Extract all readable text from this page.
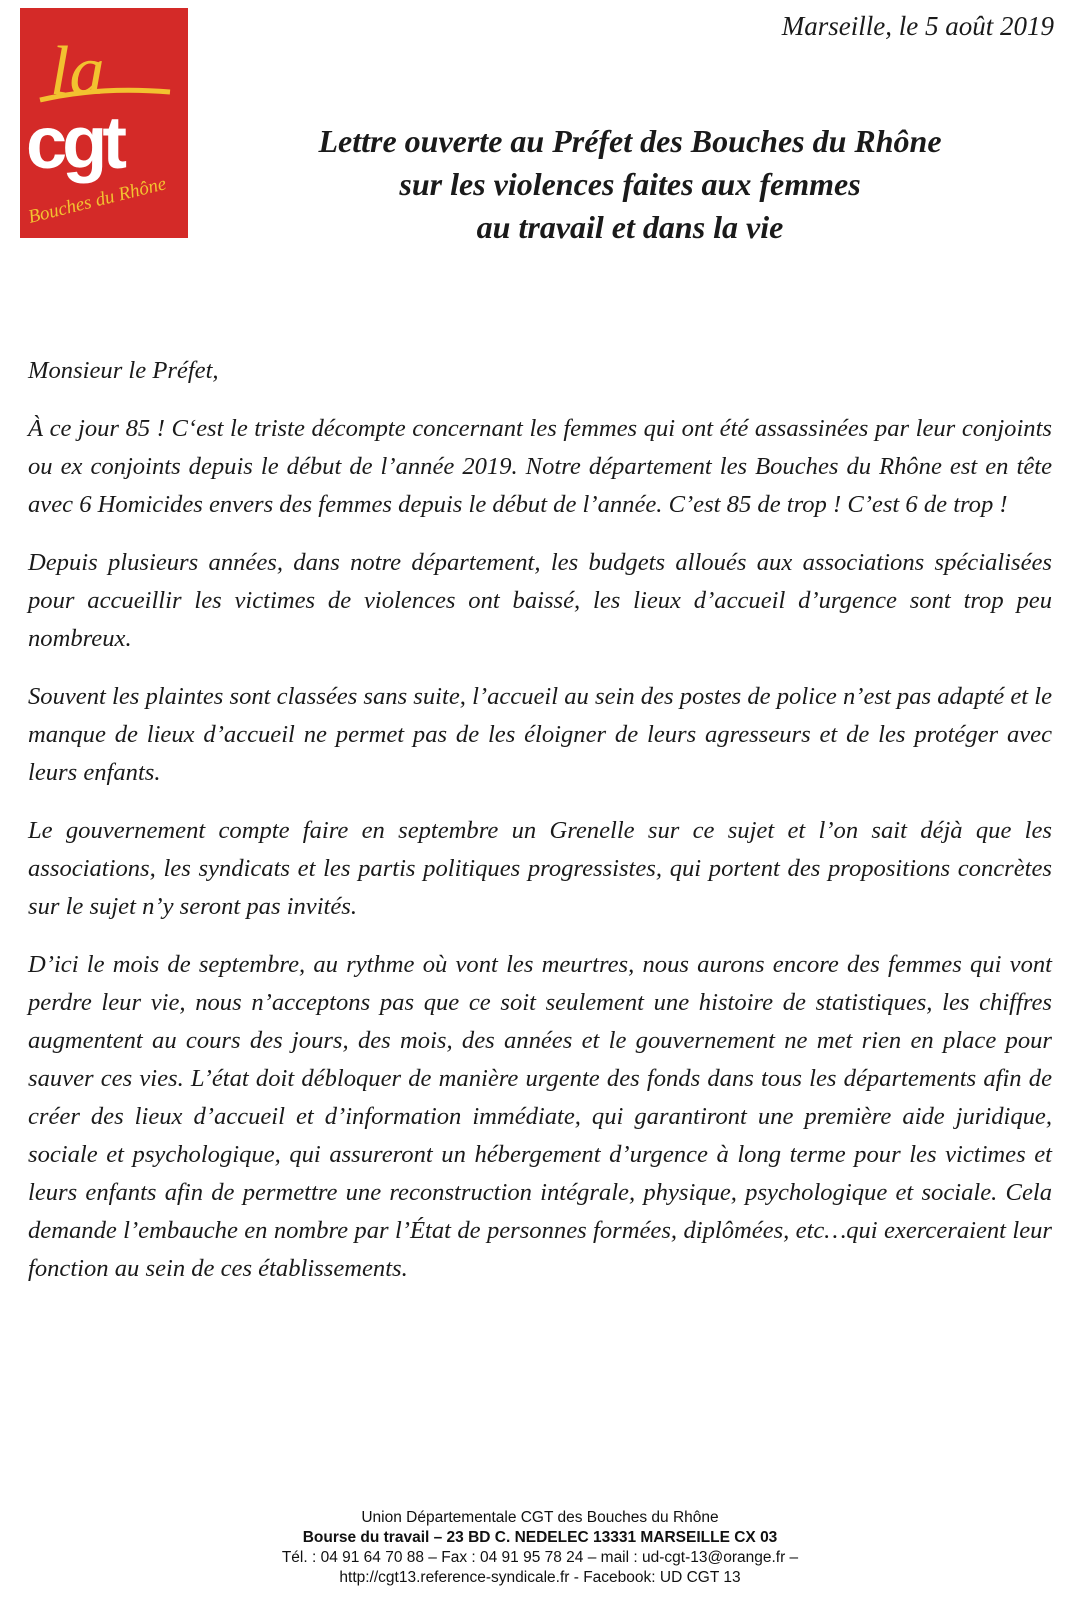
la
cgt
Bouches du Rhône
Marseille, le 5 août 2019
Lettre ouverte au Préfet des Bouches du Rhône
sur les violences faites aux femmes
au travail et dans la vie

Monsieur le Préfet,

À ce jour 85 ! C‘est le triste décompte concernant les femmes qui ont été assassinées par leur conjoints ou ex conjoints depuis le début de l’année 2019. Notre département les Bouches du Rhône est en tête avec 6 Homicides envers des femmes depuis le début de l’année. C’est 85 de trop ! C’est 6 de trop !

Depuis plusieurs années, dans notre département, les budgets alloués aux associations spécialisées pour accueillir les victimes de violences ont baissé, les lieux d’accueil d’urgence sont trop peu nombreux.

Souvent les plaintes sont classées sans suite, l’accueil au sein des postes de police n’est pas adapté et le manque de lieux d’accueil ne permet pas de les éloigner de leurs agresseurs et de les protéger avec leurs enfants.

Le gouvernement compte faire en septembre un Grenelle sur ce sujet et l’on sait déjà que les associations, les syndicats et les partis politiques progressistes, qui portent des propositions concrètes sur le sujet n’y seront pas invités.

D’ici le mois de septembre, au rythme où vont les meurtres, nous aurons encore des femmes qui vont perdre leur vie, nous n’acceptons pas que ce soit seulement une histoire de statistiques, les chiffres augmentent au cours des jours, des mois, des années et le gouvernement ne met rien en place pour sauver ces vies. L’état doit débloquer de manière urgente des fonds dans tous les départements afin de créer des lieux d’accueil et d’information immédiate, qui garantiront une première aide juridique, sociale et psychologique, qui assureront un hébergement d’urgence à long terme pour les victimes et leurs enfants afin de permettre une reconstruction intégrale, physique, psychologique et sociale. Cela demande l’embauche en nombre par l’État de personnes formées, diplômées, etc…qui exerceraient leur fonction au sein de ces établissements.

Union Départementale CGT des Bouches du Rhône
Bourse du travail – 23 BD C. NEDELEC 13331 MARSEILLE CX 03
Tél. : 04 91 64 70 88 – Fax : 04 91 95 78 24 – mail : ud-cgt-13@orange.fr –
http://cgt13.reference-syndicale.fr - Facebook: UD CGT 13
